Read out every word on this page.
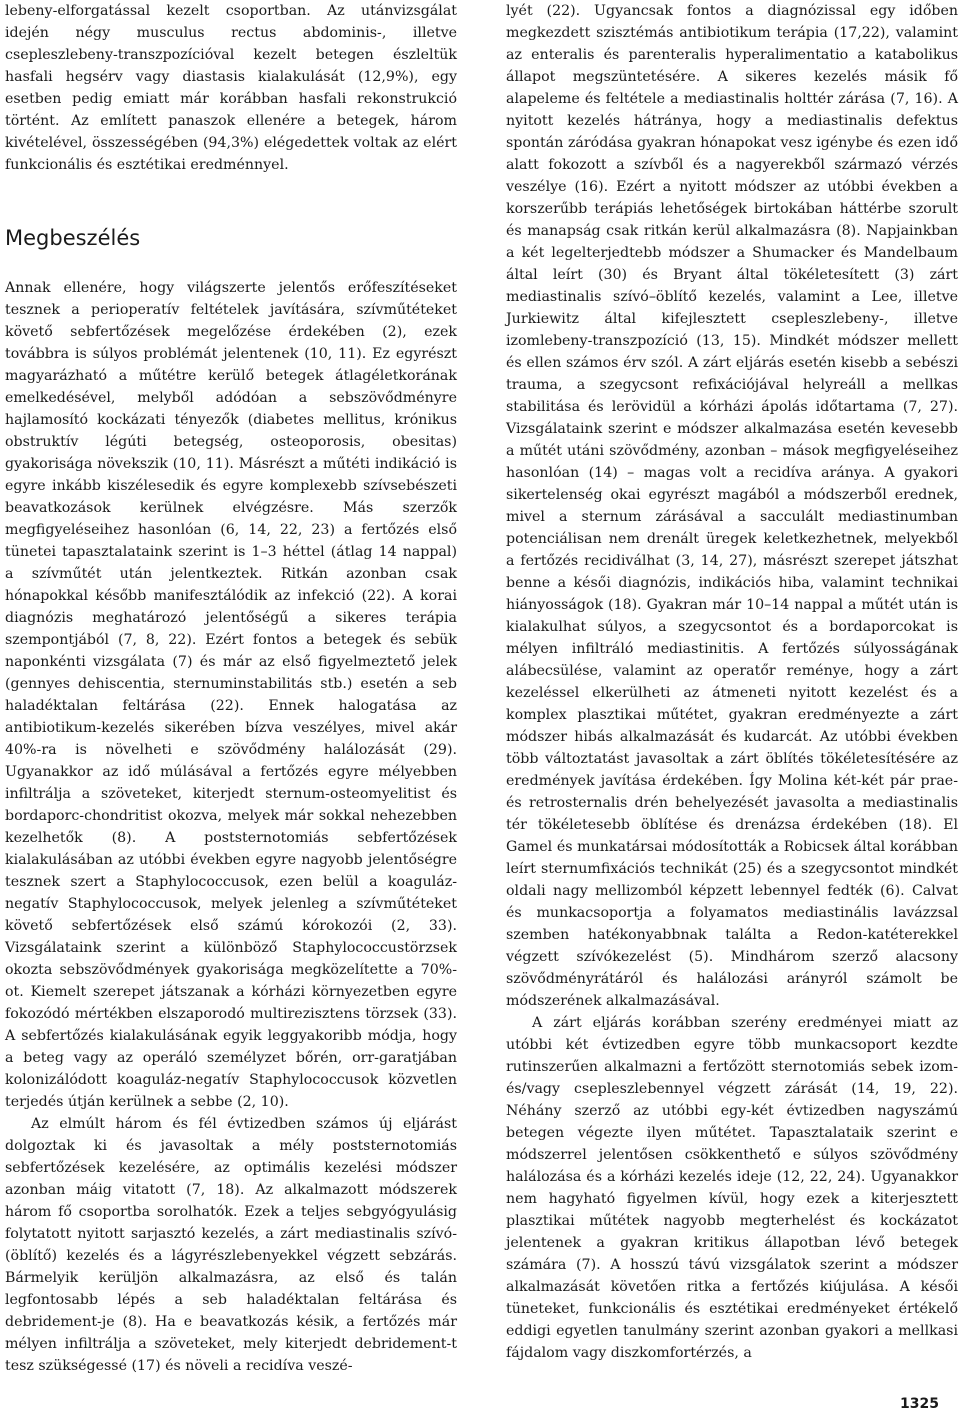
lebeny-elforgatással kezelt csoportban. Az utánvizsgálat idején négy musculus rectus abdominis-, illetve csepleszlebeny-transzpozícióval kezelt betegen észleltük hasfali hegsérv vagy diastasis kialakulását (12,9%), egy esetben pedig emiatt már korábban hasfali rekonstrukció történt. Az említett panaszok ellenére a betegek, három kivételével, összességében (94,3%) elégedettek voltak az elért funkcionális és esztétikai eredménnyel.

Megbeszélés

Annak ellenére, hogy világszerte jelentős erőfeszítéseket tesznek a perioperatív feltételek javítására, szívműtéteket követő sebfertőzések megelőzése érdekében (2), ezek továbbra is súlyos problémát jelentenek (10, 11). Ez egyrészt magyarázható a műtétre kerülő betegek átlagéletkorának emelkedésével, melyből adódóan a sebszövődményre hajlamosító kockázati tényezők (diabetes mellitus, krónikus obstruktív légúti betegség, osteoporosis, obesitas) gyakorisága növekszik (10, 11). Másrészt a műtéti indikáció is egyre inkább kiszélesedik és egyre komplexebb szívsebészeti beavatkozások kerülnek elvégzésre. Más szerzők megfigyeléseihez hasonlóan (6, 14, 22, 23) a fertőzés első tünetei tapasztalataink szerint is 1–3 héttel (átlag 14 nappal) a szívműtét után jelentkeztek. Ritkán azonban csak hónapokkal később manifesztálódik az infekció (22). A korai diagnózis meghatározó jelentőségű a sikeres terápia szempontjából (7, 8, 22). Ezért fontos a betegek és sebük naponkénti vizsgálata (7) és már az első figyelmeztető jelek (gennyes dehiscentia, sternuminstabilitás stb.) esetén a seb haladéktalan feltárása (22). Ennek halogatása az antibiotikum-kezelés sikerében bízva veszélyes, mivel akár 40%-ra is növelheti e szövődmény halálozását (29). Ugyanakkor az idő múlásával a fertőzés egyre mélyebben infiltrálja a szöveteket, kiterjedt sternum-osteomyelitist és bordaporc-chondritist okozva, melyek már sokkal nehezebben kezelhetők (8). A poststernotomiás sebfertőzések kialakulásában az utóbbi években egyre nagyobb jelentőségre tesznek szert a Staphylococcusok, ezen belül a koaguláz-negatív Staphylococcusok, melyek jelenleg a szívműtéteket követő sebfertőzések első számú kórokozói (2, 33). Vizsgálataink szerint a különböző Staphylococcustörzsek okozta sebszövődmények gyakorisága megközelítette a 70%-ot. Kiemelt szerepet játszanak a kórházi környezetben egyre fokozódó mértékben elszaporodó multirezisztens törzsek (33). A sebfertőzés kialakulásának egyik leggyakoribb módja, hogy a beteg vagy az operáló személyzet bőrén, orr-garatjában kolonizálódott koaguláz-negatív Staphylococcusok közvetlen terjedés útján kerülnek a sebbe (2, 10).

Az elmúlt három és fél évtizedben számos új eljárást dolgoztak ki és javasoltak a mély poststernotomiás sebfertőzések kezelésére, az optimális kezelési módszer azonban máig vitatott (7, 18). Az alkalmazott módszerek három fő csoportba sorolhatók. Ezek a teljes sebgyógyulásig folytatott nyitott sarjasztó kezelés, a zárt mediastinalis szívó-(öblítő) kezelés és a lágyrészlebenyekkel végzett sebzárás. Bármelyik kerüljön alkalmazásra, az első és talán legfontosabb lépés a seb haladéktalan feltárása és debridement-je (8). Ha e beavatkozás késik, a fertőzés már mélyen infiltrálja a szöveteket, mely kiterjedt debridement-t tesz szükségessé (17) és növeli a recidíva veszé-

lyét (22). Ugyancsak fontos a diagnózissal egy időben megkezdett szisztémás antibiotikum terápia (17,22), valamint az enteralis és parenteralis hyperalimentatio a katabolikus állapot megszüntetésére. A sikeres kezelés másik fő alapeleme és feltétele a mediastinalis holttér zárása (7, 16). A nyitott kezelés hátránya, hogy a mediastinalis defektus spontán záródása gyakran hónapokat vesz igénybe és ezen idő alatt fokozott a szívből és a nagyerekből származó vérzés veszélye (16). Ezért a nyitott módszer az utóbbi években a korszerűbb terápiás lehetőségek birtokában háttérbe szorult és manapság csak ritkán kerül alkalmazásra (8). Napjainkban a két legelterjedtebb módszer a Shumacker és Mandelbaum által leírt (30) és Bryant által tökéletesített (3) zárt mediastinalis szívó–öblítő kezelés, valamint a Lee, illetve Jurkiewitz által kifejlesztett csepleszlebeny-, illetve izomlebeny-transzpozíció (13, 15). Mindkét módszer mellett és ellen számos érv szól. A zárt eljárás esetén kisebb a sebészi trauma, a szegycsont refixációjával helyreáll a mellkas stabilitása és lerövidül a kórházi ápolás időtartama (7, 27). Vizsgálataink szerint e módszer alkalmazása esetén kevesebb a műtét utáni szövődmény, azonban – mások megfigyeléseihez hasonlóan (14) – magas volt a recidíva aránya. A gyakori sikertelenség okai egyrészt magából a módszerből erednek, mivel a sternum zárásával a sacculált mediastinumban potenciálisan nem drenált üregek keletkezhetnek, melyekből a fertőzés recidiválhat (3, 14, 27), másrészt szerepet játszhat benne a késői diagnózis, indikációs hiba, valamint technikai hiányosságok (18). Gyakran már 10–14 nappal a műtét után is kialakulhat súlyos, a szegycsontot és a bordaporcokat is mélyen infiltráló mediastinitis. A fertőzés súlyosságának alábecsülése, valamint az operatőr reménye, hogy a zárt kezeléssel elkerülheti az átmeneti nyitott kezelést és a komplex plasztikai műtétet, gyakran eredményezte a zárt módszer hibás alkalmazását és kudarcát. Az utóbbi években több változtatást javasoltak a zárt öblítés tökéletesítésére az eredmények javítása érdekében. Így Molina két-két pár prae- és retrosternalis drén behelyezését javasolta a mediastinalis tér tökéletesebb öblítése és drenázsa érdekében (18). El Gamel és munkatársai módosították a Robicsek által korábban leírt sternumfixációs technikát (25) és a szegycsontot mindkét oldali nagy mellizomból képzett lebennyel fedték (6). Calvat és munkacsoportja a folyamatos mediastinális lavázzsal szemben hatékonyabbnak találta a Redon-katéterekkel végzett szívókezelést (5). Mindhárom szerző alacsony szövődményrátáról és halálozási arányról számolt be módszerének alkalmazásával.

A zárt eljárás korábban szerény eredményei miatt az utóbbi két évtizedben egyre több munkacsoport kezdte rutinszerűen alkalmazni a fertőzött sternotomiás sebek izom- és/vagy csepleszlebennyel végzett zárását (14, 19, 22). Néhány szerző az utóbbi egy-két évtizedben nagyszámú betegen végezte ilyen műtétet. Tapasztalataik szerint e módszerrel jelentősen csökkenthető e súlyos szövődmény halálozása és a kórházi kezelés ideje (12, 22, 24). Ugyanakkor nem hagyható figyelmen kívül, hogy ezek a kiterjesztett plasztikai műtétek nagyobb megterhelést és kockázatot jelentenek a gyakran kritikus állapotban lévő betegek számára (7). A hosszú távú vizsgálatok szerint a módszer alkalmazását követően ritka a fertőzés kiújulása. A késői tüneteket, funkcionális és esztétikai eredményeket értékelő eddigi egyetlen tanulmány szerint azonban gyakori a mellkasi fájdalom vagy diszkomfortérzés, a

1325
